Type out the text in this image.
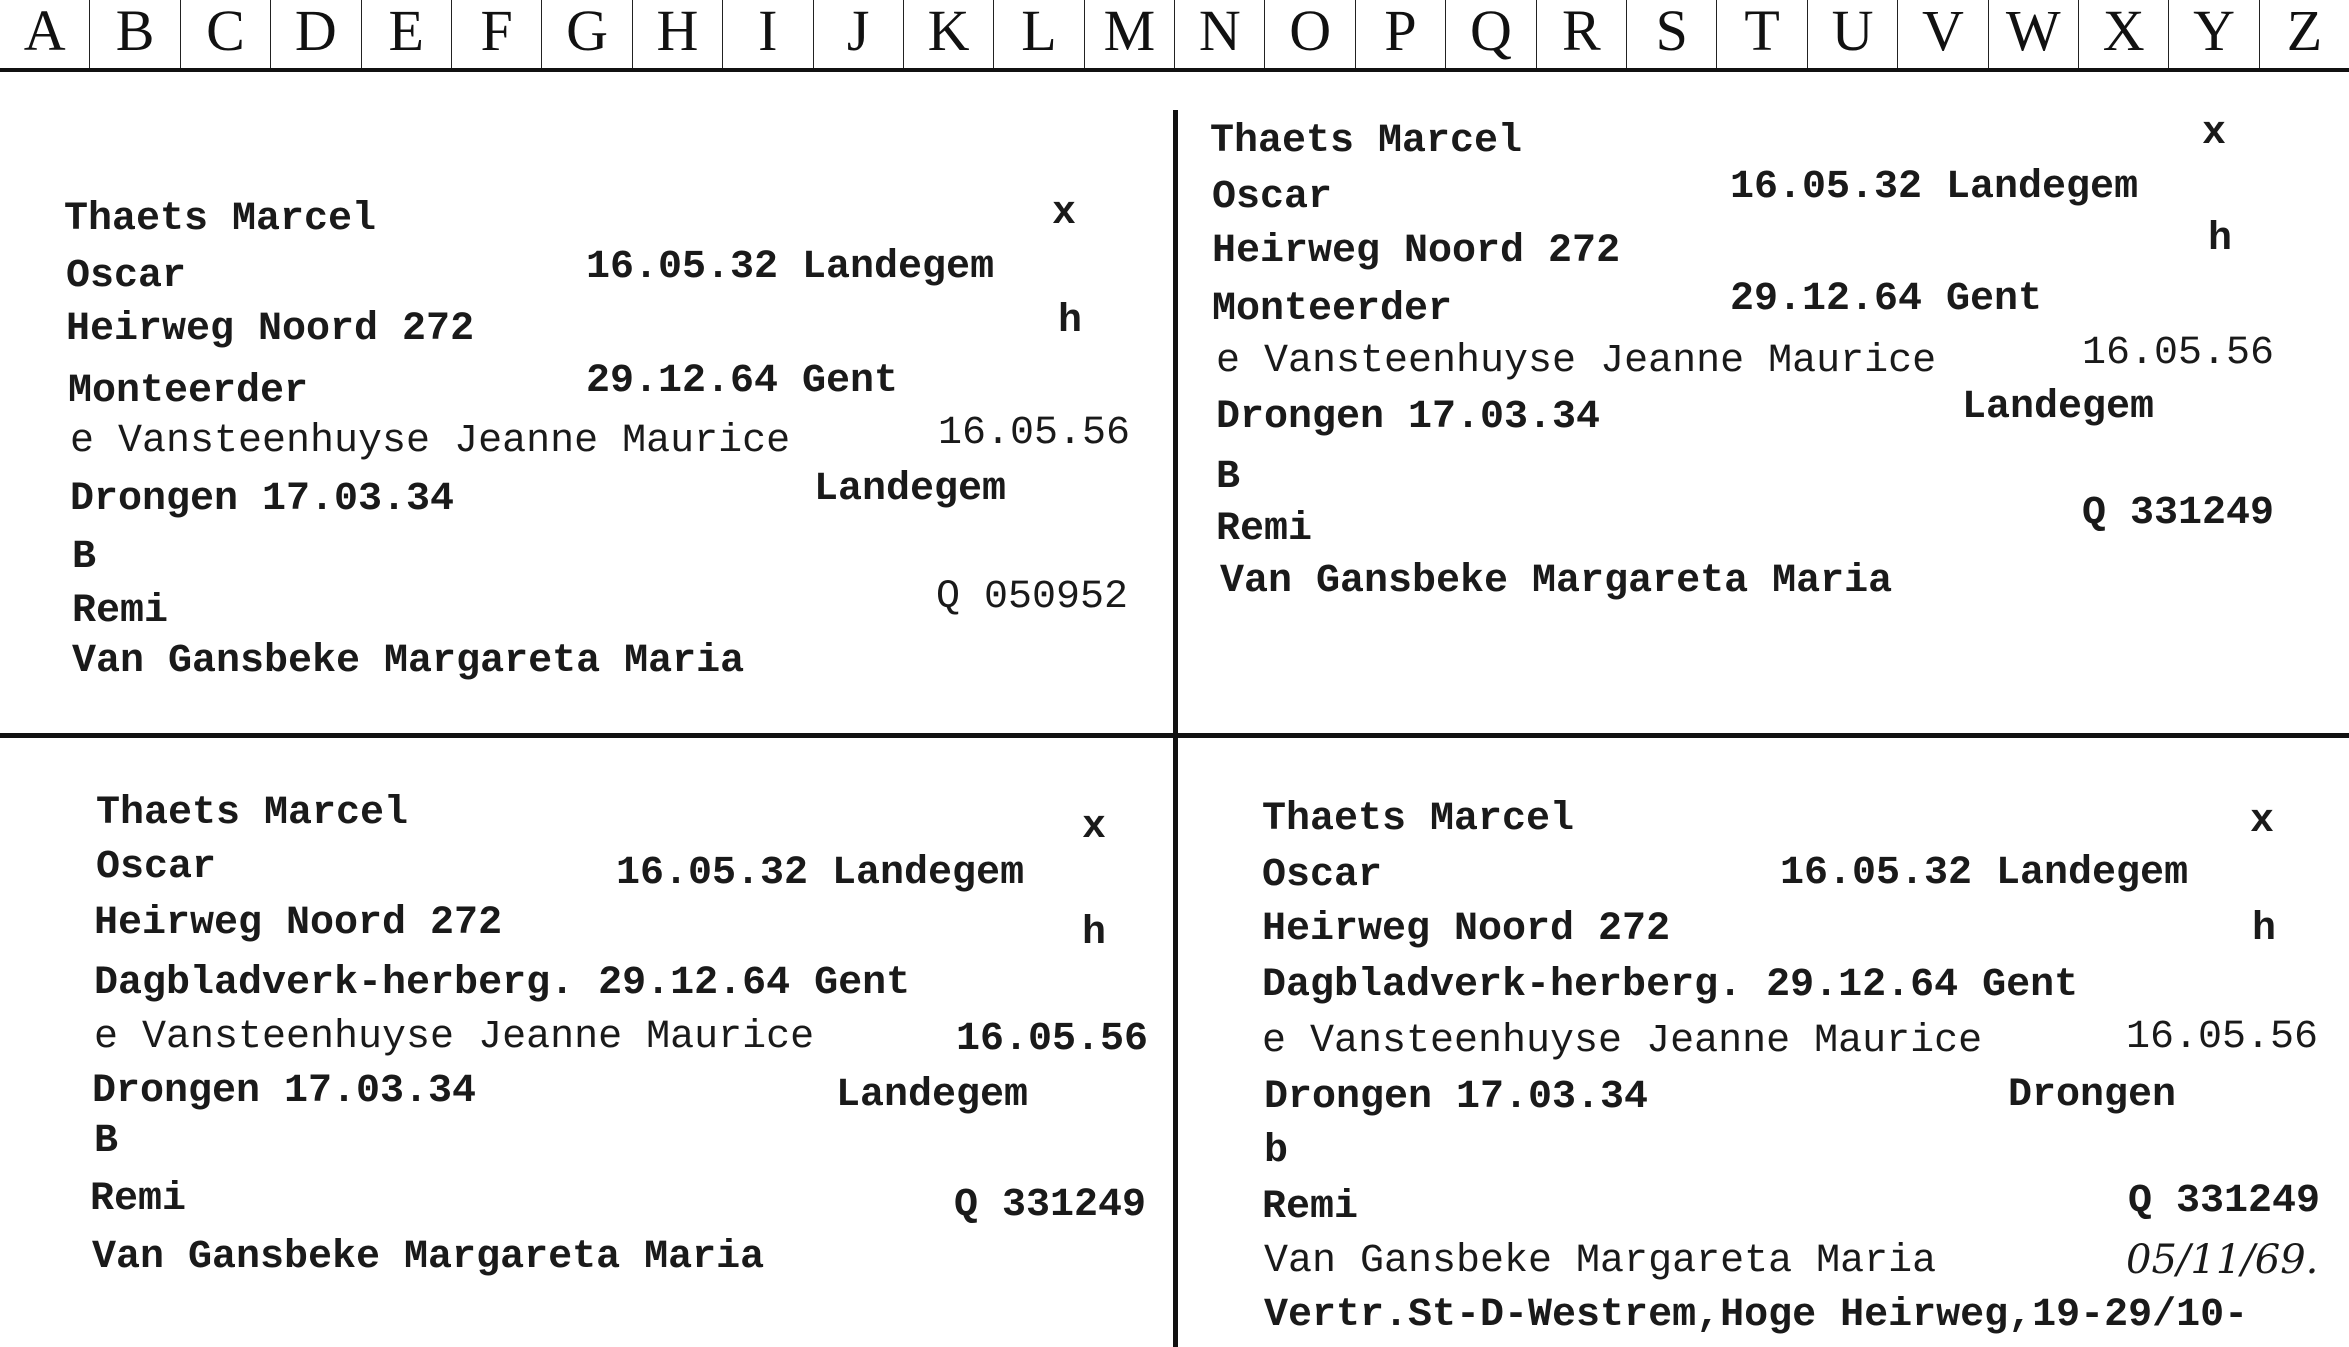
A B C D E F G H	I	J	K L M N O P Q R S T U V W X Y Z
Thaets Marcel	x
Oscar	16.05.32 Landegem
Heirweg Noord 272	h
Monteerder	29.12.64 Gent
e Vansteenhuyse Jeanne Maurice	16.05.56
Drongen 17.03.34	Landegem
B
Remi	Q 050952
Van Gansbeke Margareta Maria
Thaets Marcel	x
Oscar	16.05.32 Landegem
Heirweg Noord 272	h
Monteerder	29.12.64 Gent
e Vansteenhuyse Jeanne Maurice	16.05.56
Drongen 17.03.34	Landegem
B
Remi	Q 331249
Van Gansbeke Margareta Maria
Thaets Marcel	x
Oscar	16.05.32 Landegem
Heirweg Noord 272	h
Dagbladverk-herberg. 29.12.64 Gent
e Vansteenhuyse Jeanne Maurice	16.05.56
Drongen 17.03.34	Landegem
B
Remi	Q 331249
Van Gansbeke Margareta Maria
Thaets Marcel	x
Oscar	16.05.32 Landegem
Heirweg Noord 272	h
Dagbladverk-herberg. 29.12.64 Gent
e Vansteenhuyse Jeanne Maurice	16.05.56
Drongen 17.03.34	Drongen
b
Remi	Q 331249
Van Gansbeke Margareta Maria	05/11/69.
Vertr.St-D-Westrem,Hoge Heirweg,19-29/10-
